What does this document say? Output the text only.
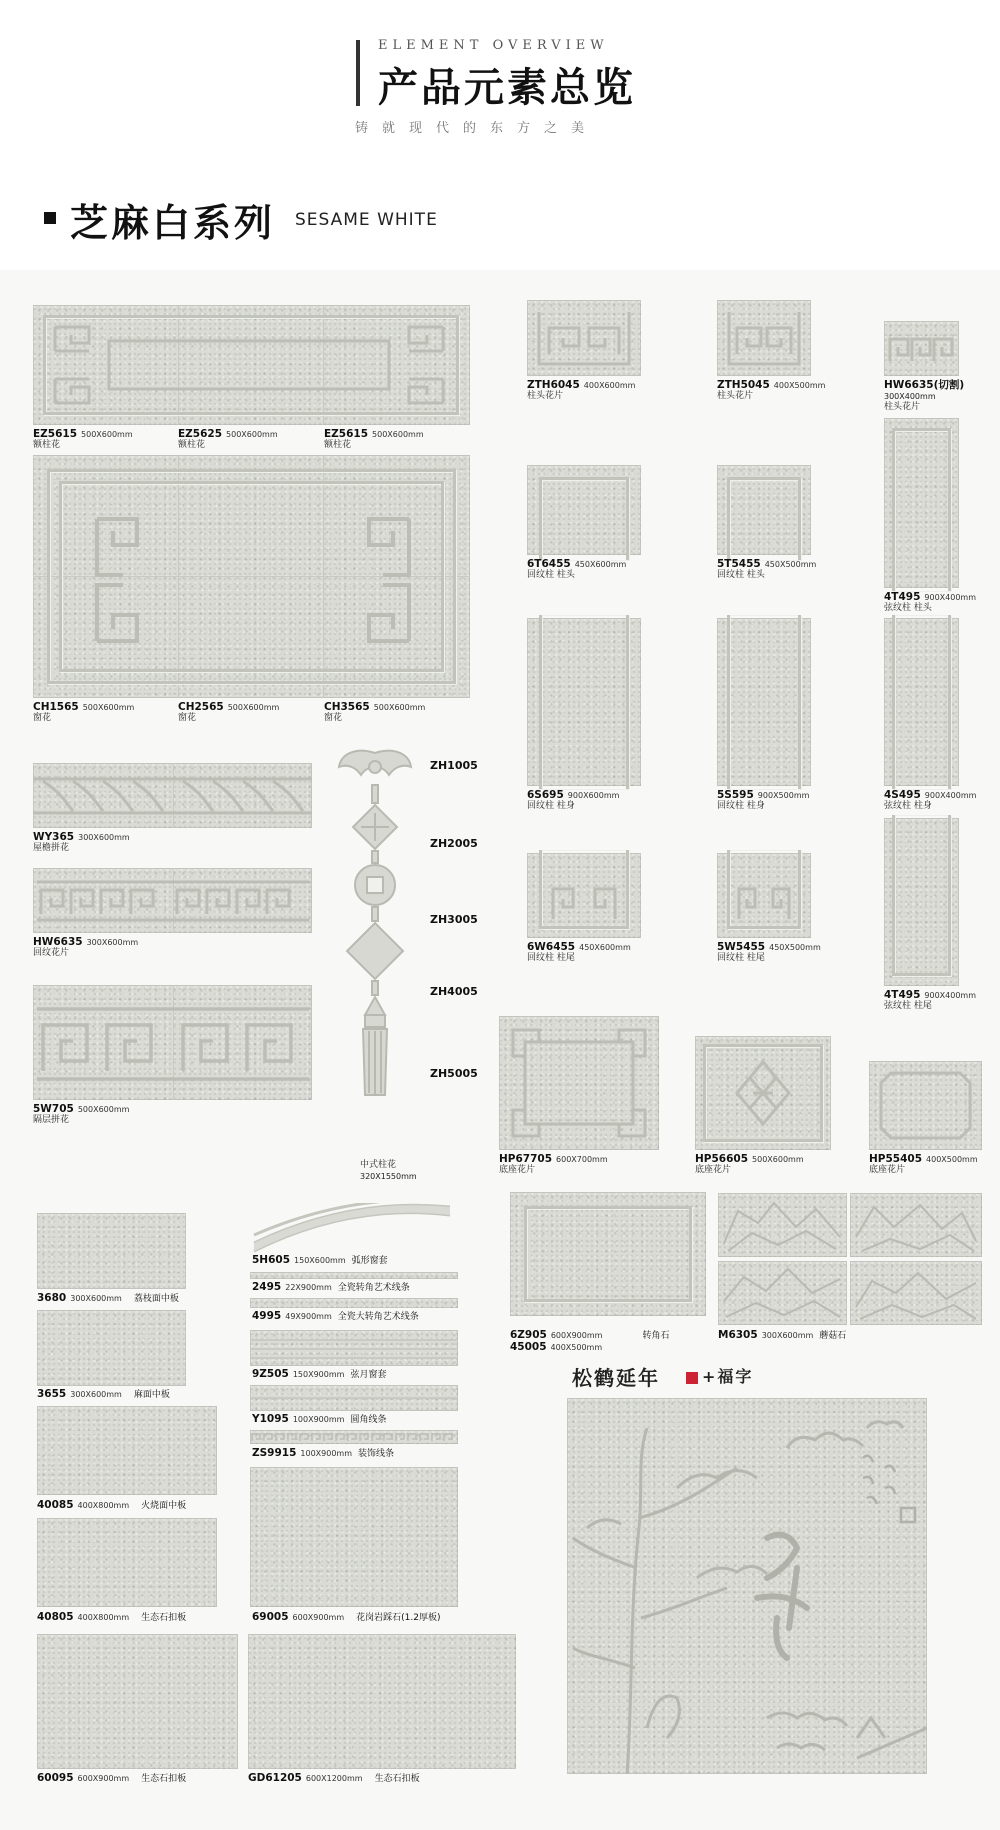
ELEMENT OVERVIEW
产品元素总览
铸就现代的东方之美
芝麻白系列 SESAME WHITE
EZ5615 500X600mm
额柱花
EZ5625 500X600mm
额柱花
EZ5615 500X600mm
额柱花
CH1565 500X600mm
窗花
CH2565 500X600mm
窗花
CH3565 500X600mm
窗花
ZTH6045 400X600mm
柱头花片
ZTH5045 400X500mm
柱头花片
HW6635(切割)
300X400mm
柱头花片
6T6455 450X600mm
回纹柱 柱头
5T5455 450X500mm
回纹柱 柱头
4T495 900X400mm
弦纹柱 柱头
6S695 900X600mm
回纹柱 柱身
5S595 900X500mm
回纹柱 柱身
4S495 900X400mm
弦纹柱 柱身
6W6455 450X600mm
回纹柱 柱尾
5W5455 450X500mm
回纹柱 柱尾
4T495 900X400mm
弦纹柱 柱尾
WY365 300X600mm
屋檐拼花
HW6635 300X600mm
回纹花片
5W705 500X600mm
隔层拼花
ZH1005
ZH2005
ZH3005
ZH4005
ZH5005
中式柱花
320X1550mm
HP67705 600X700mm
底座花片
HP56605 500X600mm
底座花片
HP55405 400X500mm
底座花片
3680 300X600mm 荔枝面中板
3655 300X600mm 麻面中板
40085 400X800mm 火烧面中板
40805 400X800mm 生态石扣板
60095 600X900mm 生态石扣板	GD61205 600X1200mm 生态石扣板
5H605 150X600mm 弧形窗套
2495 22X900mm 全瓷转角艺术线条
4995 49X900mm 全瓷大转角艺术线条
9Z505 150X900mm 弦月窗套
Y1095 100X900mm 圆角线条
ZS9915 100X900mm 装饰线条
69005 600X900mm 花岗岩踩石(1.2厚板)
6Z905 600X900mm	转角石
45005 400X500mm
M6305 300X600mm 蘑菇石
松鹤延年	+福字
